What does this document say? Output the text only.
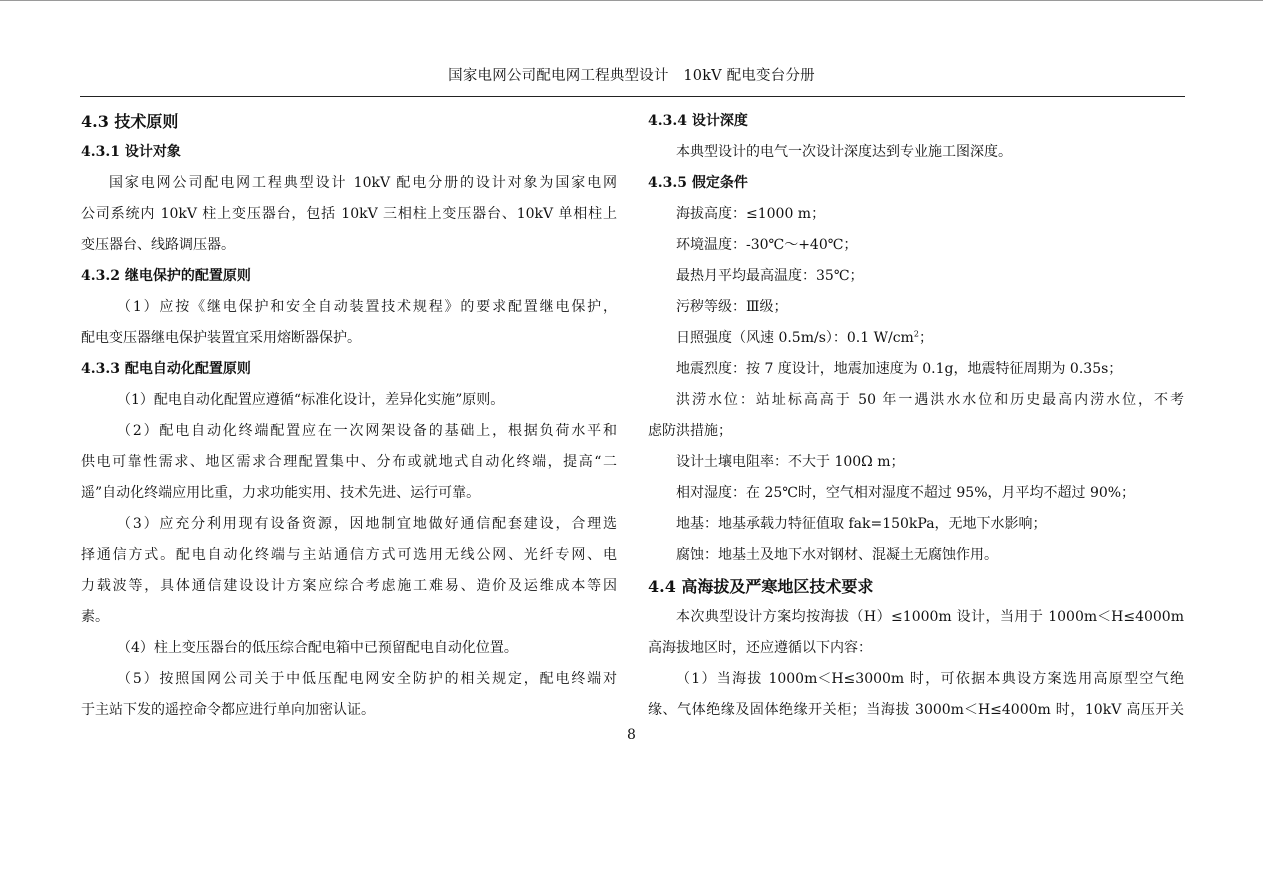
国家电网公司配电网工程典型设计　10kV 配电变台分册
4.3 技术原则
4.3.1 设计对象
国家电网公司配电网工程典型设计 10kV 配电分册的设计对象为国家电网
公司系统内 10kV 柱上变压器台，包括 10kV 三相柱上变压器台、10kV 单相柱上
变压器台、线路调压器。
4.3.2 继电保护的配置原则
（1）应按《继电保护和安全自动装置技术规程》的要求配置继电保护，
配电变压器继电保护装置宜采用熔断器保护。
4.3.3 配电自动化配置原则
（1）配电自动化配置应遵循“标准化设计，差异化实施”原则。
（2）配电自动化终端配置应在一次网架设备的基础上，根据负荷水平和
供电可靠性需求、地区需求合理配置集中、分布或就地式自动化终端，提高“二
遥”自动化终端应用比重，力求功能实用、技术先进、运行可靠。
（3）应充分利用现有设备资源，因地制宜地做好通信配套建设，合理选
择通信方式。配电自动化终端与主站通信方式可选用无线公网、光纤专网、电
力载波等，具体通信建设设计方案应综合考虑施工难易、造价及运维成本等因
素。
（4）柱上变压器台的低压综合配电箱中已预留配电自动化位置。
（5）按照国网公司关于中低压配电网安全防护的相关规定，配电终端对
于主站下发的遥控命令都应进行单向加密认证。
4.3.4 设计深度
本典型设计的电气一次设计深度达到专业施工图深度。
4.3.5 假定条件
海拔高度：≤1000 m；
环境温度：-30℃～+40℃；
最热月平均最高温度：35℃；
污秽等级：Ⅲ级；
日照强度（风速 0.5m/s）：0.1 $W/cm^2$；
地震烈度：按 7 度设计，地震加速度为 0.1g，地震特征周期为 0.35s；
洪涝水位：站址标高高于 50 年一遇洪水水位和历史最高内涝水位，不考
虑防洪措施；
设计土壤电阻率：不大于 100Ω m；
相对湿度：在 25℃时，空气相对湿度不超过 95%，月平均不超过 90%；
地基：地基承载力特征值取 fak=150kPa，无地下水影响；
腐蚀：地基土及地下水对钢材、混凝土无腐蚀作用。
4.4 高海拔及严寒地区技术要求
本次典型设计方案均按海拔（H）≤1000m 设计，当用于 1000m＜H≤4000m
高海拔地区时，还应遵循以下内容：
（1）当海拔 1000m＜H≤3000m 时，可依据本典设方案选用高原型空气绝
缘、气体绝缘及固体绝缘开关柜；当海拔 3000m＜H≤4000m 时，10kV 高压开关
8
